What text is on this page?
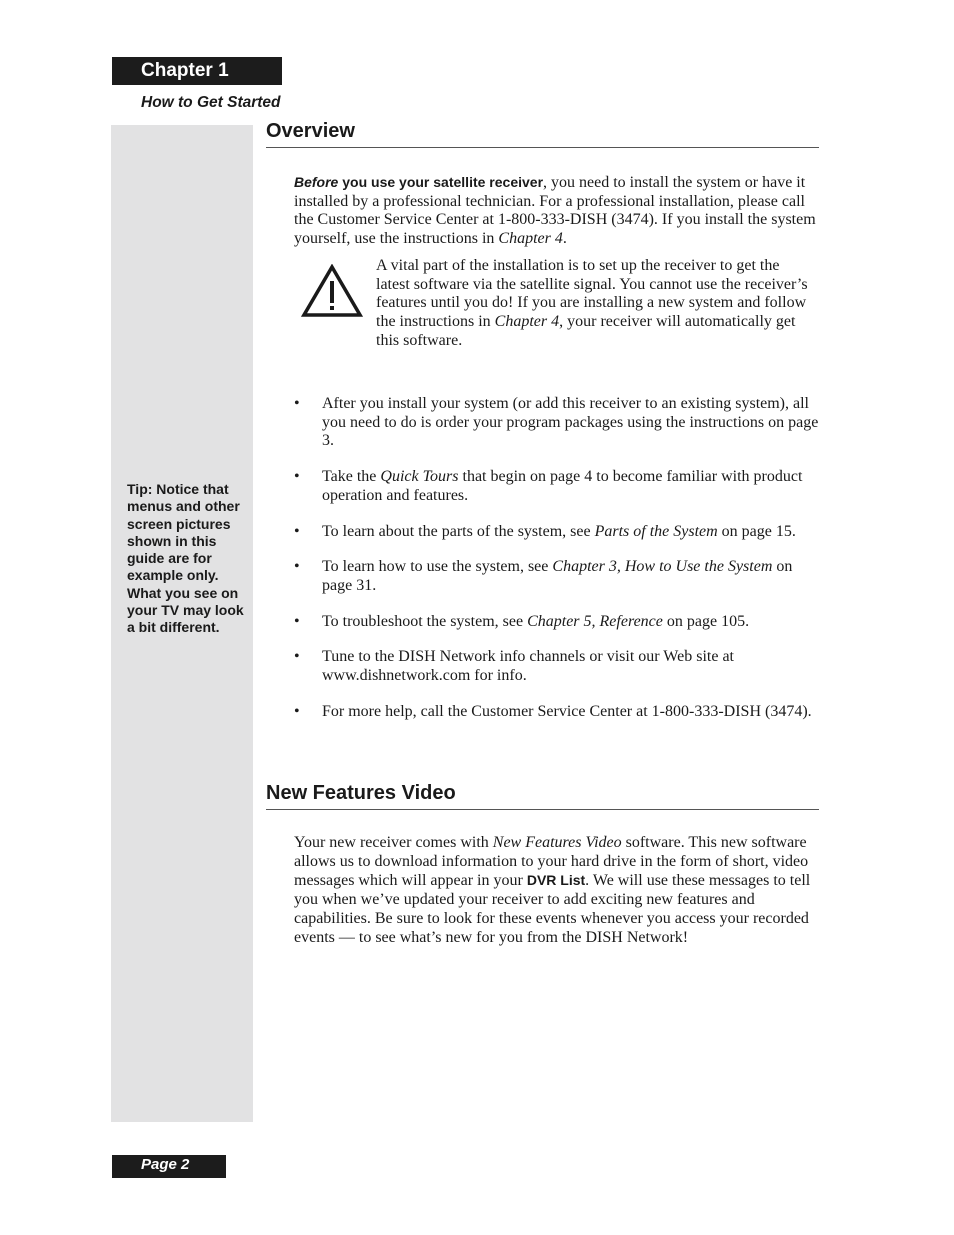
Chapter 1
How to Get Started
Tip: Notice that menus and other screen pictures shown in this guide are for example only. What you see on your TV may look a bit different.
Overview

Before you use your satellite receiver, you need to install the system or have it installed by a professional technician. For a professional installation, please call the Customer Service Center at 1-800-333-DISH (3474). If you install the system yourself, use the instructions in Chapter 4.

A vital part of the installation is to set up the receiver to get the latest software via the satellite signal. You cannot use the receiver’s features until you do! If you are installing a new system and follow the instructions in Chapter 4, your receiver will automatically get this software.

• After you install your system (or add this receiver to an existing system), all you need to do is order your program packages using the instructions on page 3.
• Take the Quick Tours that begin on page 4 to become familiar with product operation and features.
• To learn about the parts of the system, see Parts of the System on page 15.
• To learn how to use the system, see Chapter 3, How to Use the System on page 31.
• To troubleshoot the system, see Chapter 5, Reference on page 105.
• Tune to the DISH Network info channels or visit our Web site at www.dishnetwork.com for info.
• For more help, call the Customer Service Center at 1-800-333-DISH (3474).
New Features Video

Your new receiver comes with New Features Video software. This new software allows us to download information to your hard drive in the form of short, video messages which will appear in your DVR List. We will use these messages to tell you when we’ve updated your receiver to add exciting new features and capabilities. Be sure to look for these events whenever you access your recorded events — to see what’s new for you from the DISH Network!

Page 2
